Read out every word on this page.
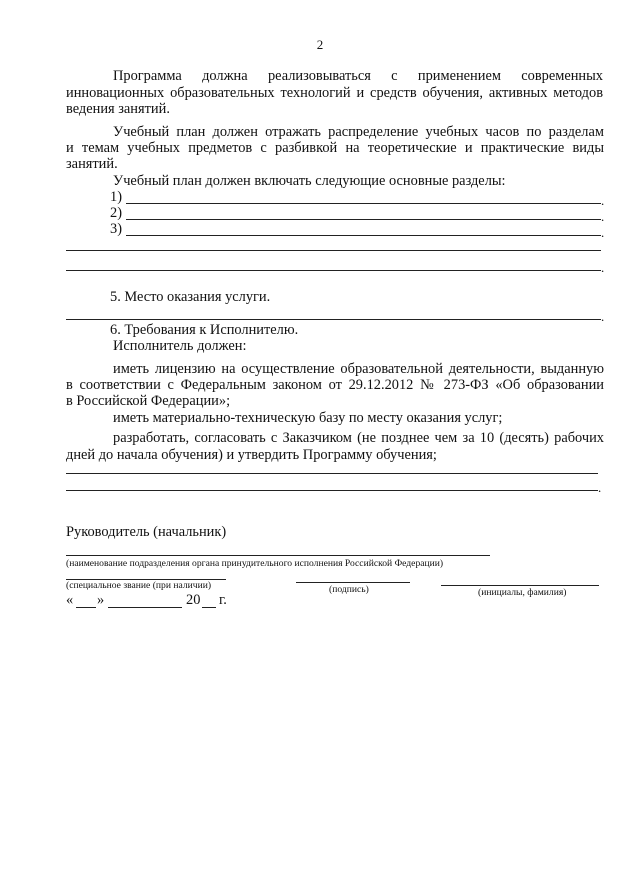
2
Программа должна реализовываться с применением современных
инновационных образовательных технологий и средств обучения, активных методов
ведения занятий.
Учебный план должен отражать распределение учебных часов по разделам
и темам учебных предметов с разбивкой на теоретические и практические виды
занятий.
Учебный план должен включать следующие основные разделы:
1)	.
2)	.
3)	.
.
5. Место оказания услуги.
.
6. Требования к Исполнителю.
Исполнитель должен:
иметь лицензию на осуществление образовательной деятельности, выданную
в соответствии с Федеральным законом от 29.12.2012 № 273-ФЗ «Об образовании
в Российской Федерации»;
иметь материально-техническую базу по месту оказания услуг;
разработать, согласовать с Заказчиком (не позднее чем за 10 (десять) рабочих
дней до начала обучения) и утвердить Программу обучения;
.
Руководитель (начальник)
(наименование подразделения органа принудительного исполнения Российской Федерации)
(специальное звание (при наличии)	(подпись)	(инициалы, фамилия)
« »	20 г.
